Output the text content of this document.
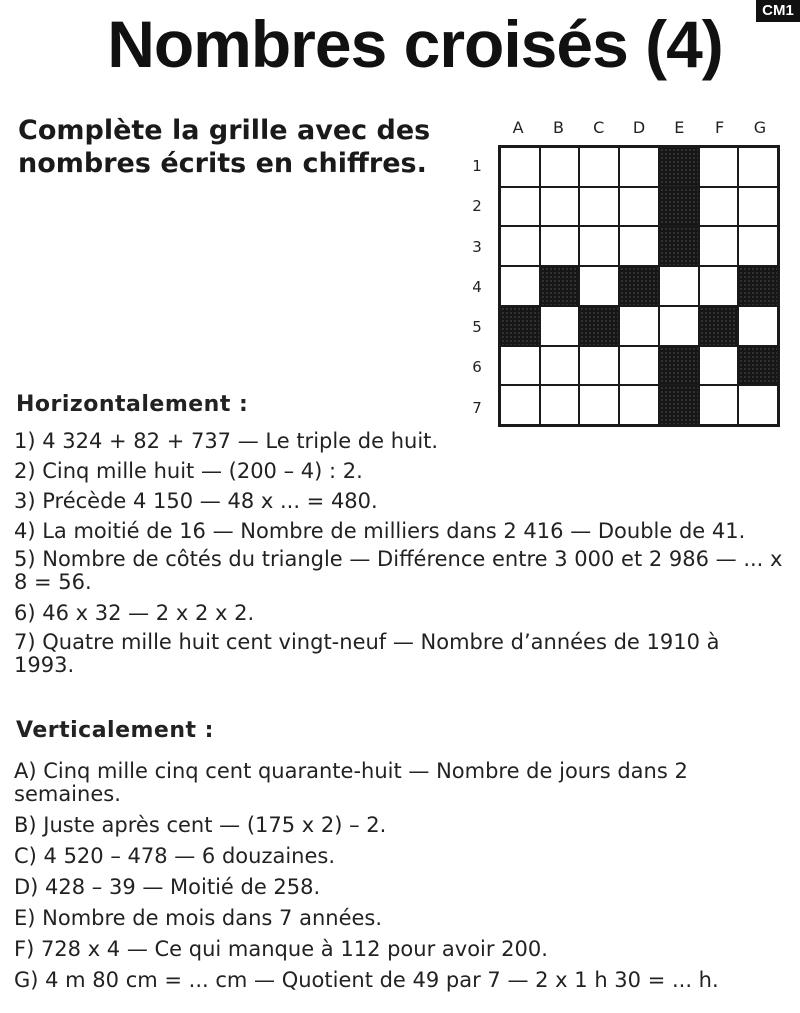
CM1
Nombres croisés (4)

Complète la grille avec des nombres écrits en chiffres.

A	B	C	D	E	F	G
1
2
3
4
5
6
7
Horizontalement :

1) 4 324 + 82 + 737 — Le triple de huit.

2) Cinq mille huit — (200 – 4) : 2.

3) Précède 4 150 — 48 x ... = 480.

4) La moitié de 16 — Nombre de milliers dans 2 416 — Double de 41.

5) Nombre de côtés du triangle — Différence entre 3 000 et 2 986 — ... x 8 = 56.

6) 46 x 32 — 2 x 2 x 2.

7) Quatre mille huit cent vingt-neuf — Nombre d’années de 1910 à 1993.

Verticalement :

A) Cinq mille cinq cent quarante-huit — Nombre de jours dans 2 semaines.

B) Juste après cent — (175 x 2) – 2.

C) 4 520 – 478 — 6 douzaines.

D) 428 – 39 — Moitié de 258.

E) Nombre de mois dans 7 années.

F) 728 x 4 — Ce qui manque à 112 pour avoir 200.

G) 4 m 80 cm = ... cm — Quotient de 49 par 7 — 2 x 1 h 30 = ... h.
